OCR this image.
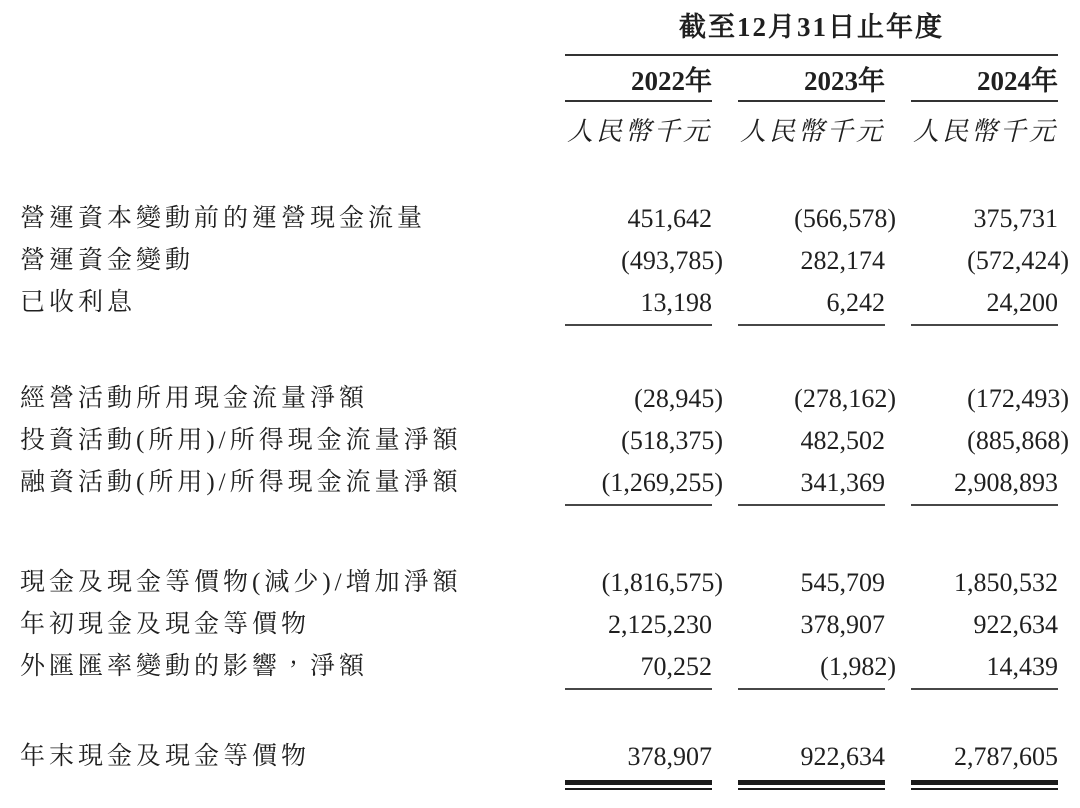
截至12月31日止年度
2022年	2023年	2024年
人民幣千元 人民幣千元 人民幣千元
營運資本變動前的運營現金流量	451,642	(566,578)	375,731
營運資金變動	(493,785)	282,174	(572,424)
已收利息	13,198	6,242	24,200
經營活動所用現金流量淨額	(28,945)	(278,162)	(172,493)
投資活動(所用)/所得現金流量淨額	(518,375)	482,502	(885,868)
融資活動(所用)/所得現金流量淨額	(1,269,255)	341,369	2,908,893
現金及現金等價物(減少)/增加淨額	(1,816,575)	545,709	1,850,532
年初現金及現金等價物	2,125,230	378,907	922,634
外匯匯率變動的影響，淨額	70,252	(1,982)	14,439
年末現金及現金等價物	378,907	922,634	2,787,605
